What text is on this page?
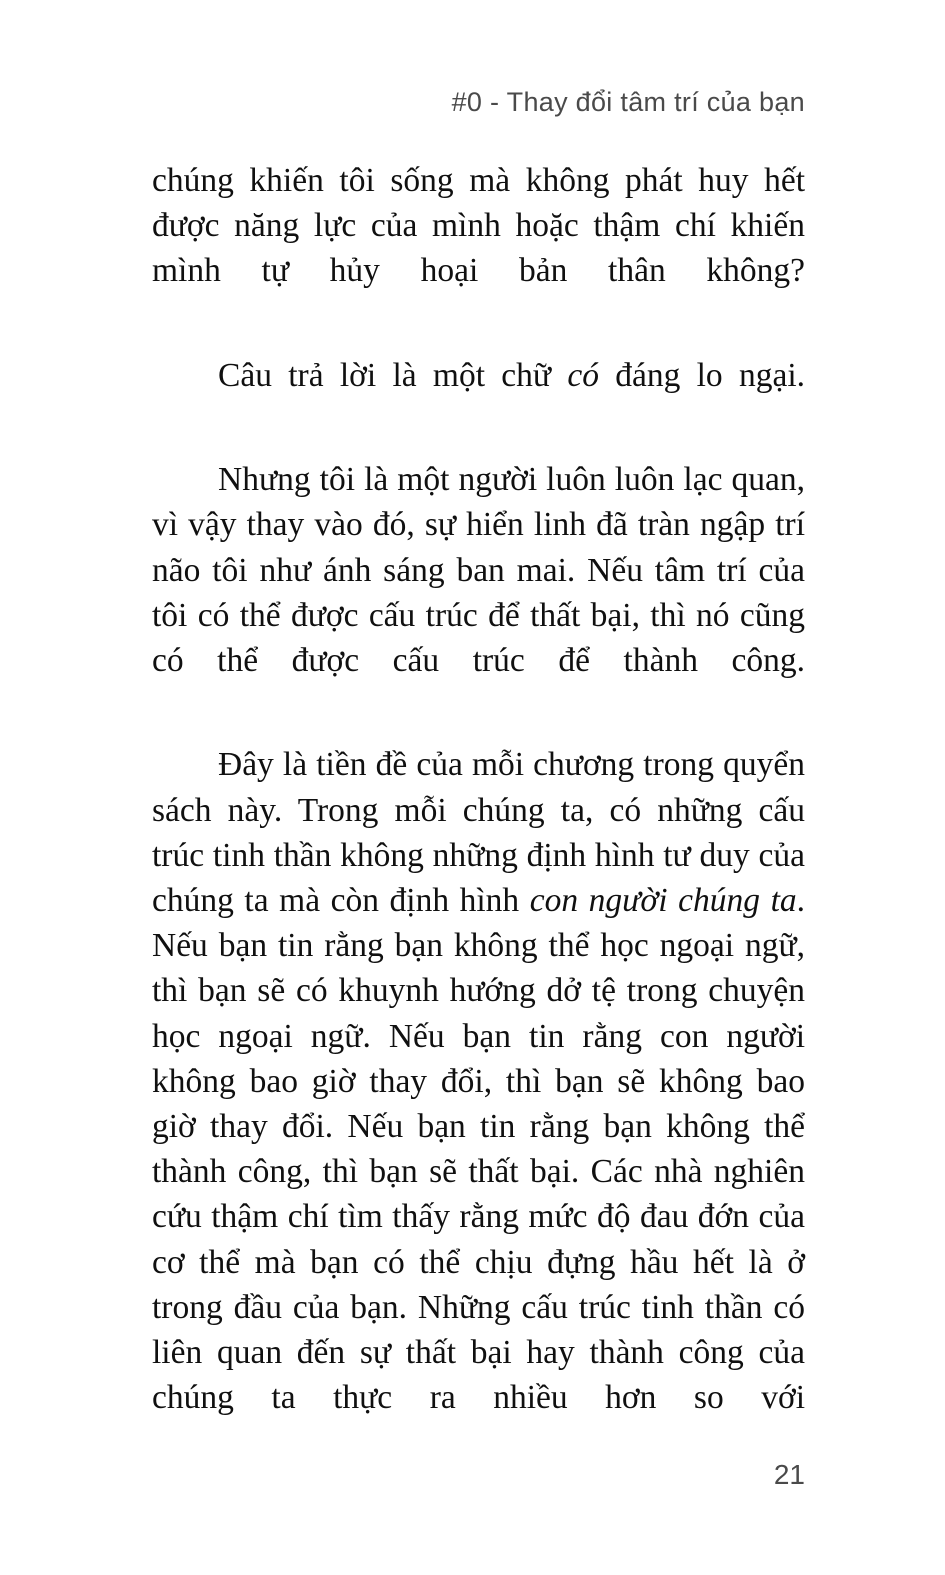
#0 - Thay đổi tâm trí của bạn

chúng khiến tôi sống mà không phát huy hết được năng lực của mình hoặc thậm chí khiến mình tự hủy hoại bản thân không?

Câu trả lời là một chữ có đáng lo ngại.

Nhưng tôi là một người luôn luôn lạc quan, vì vậy thay vào đó, sự hiển linh đã tràn ngập trí não tôi như ánh sáng ban mai. Nếu tâm trí của tôi có thể được cấu trúc để thất bại, thì nó cũng có thể được cấu trúc để thành công.

Đây là tiền đề của mỗi chương trong quyển sách này. Trong mỗi chúng ta, có những cấu trúc tinh thần không những định hình tư duy của chúng ta mà còn định hình con người chúng ta. Nếu bạn tin rằng bạn không thể học ngoại ngữ, thì bạn sẽ có khuynh hướng dở tệ trong chuyện học ngoại ngữ. Nếu bạn tin rằng con người không bao giờ thay đổi, thì bạn sẽ không bao giờ thay đổi. Nếu bạn tin rằng bạn không thể thành công, thì bạn sẽ thất bại. Các nhà nghiên cứu thậm chí tìm thấy rằng mức độ đau đớn của cơ thể mà bạn có thể chịu đựng hầu hết là ở trong đầu của bạn. Những cấu trúc tinh thần có liên quan đến sự thất bại hay thành công của chúng ta thực ra nhiều hơn so với

21
